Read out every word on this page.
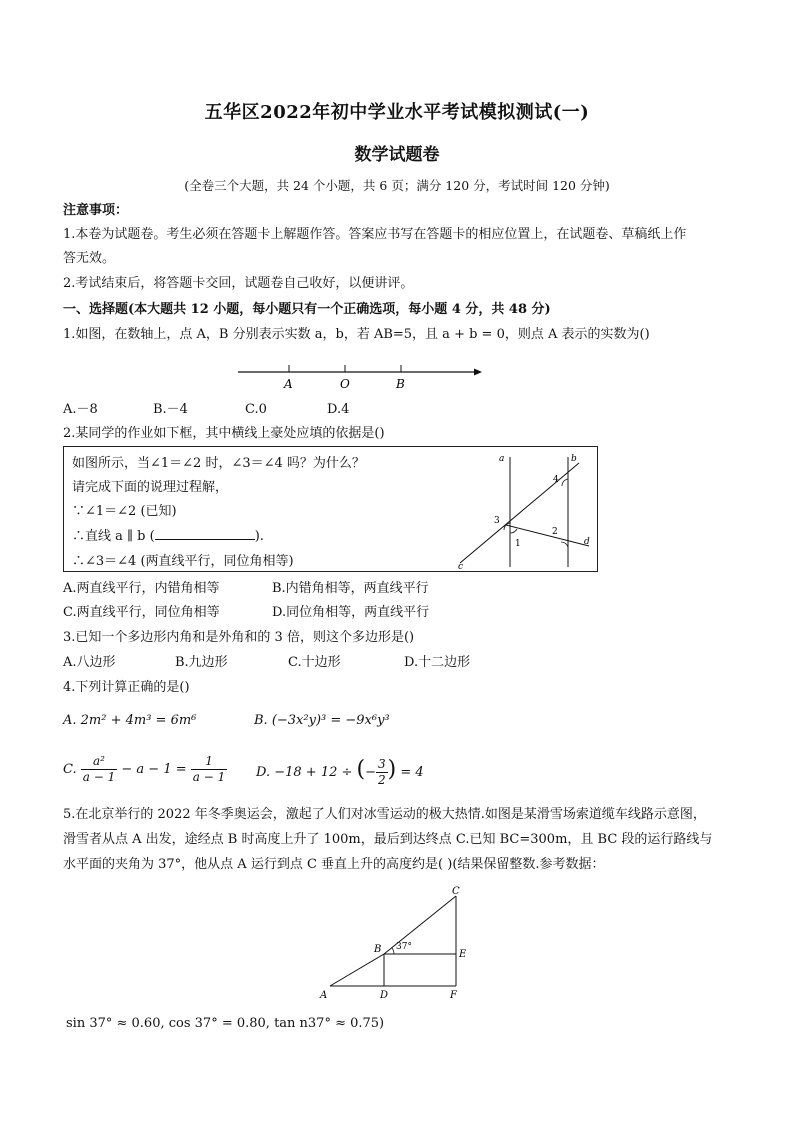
五华区2022年初中学业水平考试模拟测试(一)
数学试题卷
(全卷三个大题，共 24 个小题，共 6 页；满分 120 分，考试时间 120 分钟)
注意事项：
1.本卷为试题卷。考生必须在答题卡上解题作答。答案应书写在答题卡的相应位置上，在试题卷、草稿纸上作
答无效。
2.考试结束后，将答题卡交回，试题卷自己收好，以便讲评。
一、选择题(本大题共 12 小题，每小题只有一个正确选项，每小题 4 分，共 48 分)
1.如图，在数轴上，点 A，B 分别表示实数 a，b，若 AB=5，且 a + b = 0，则点 A 表示的实数为()
A	O	B
A.－8	B.－4	C.0	D.4
2.某同学的作业如下框，其中横线上豪处应填的依据是()
如图所示，当∠1＝∠2 时，∠3＝∠4 吗？为什么？
请完成下面的说理过程解，
∵∠1＝∠2 (已知)
∴直线 a ∥ b (	).
∴∠3＝∠4 (两直线平行，同位角相等)
a	b
c
d
1
2
3
4
A.两直线平行，内错角相等	B.内错角相等，两直线平行
C.两直线平行，同位角相等	D.同位角相等，两直线平行
3.已知一个多边形内角和是外角和的 3 倍，则这个多边形是()
A.八边形	B.九边形	C.十边形	D.十二边形
4.下列计算正确的是()
A. 2m² + 4m³ = 6m⁶	B. (−3x²y)³ = −9x⁶y³
C. $\frac{\text{a²}}{a - 1} - a - 1 = \frac{1}{a - 1} D$. −18 + 12 ÷ (− $\frac{3}{2}$ ) = 4
5.在北京举行的 2022 年冬季奥运会，激起了人们对冰雪运动的极大热情.如图是某滑雪场索道缆车线路示意图，
滑雪者从点 A 出发，途经点 B 时高度上升了 100m，最后到达终点 C.已知 BC=300m，且 BC 段的运行路线与
水平面的夹角为 37°，他从点 A 运行到点 C 垂直上升的高度约是( )(结果保留整数.参考数据：
A
B
C
D
E
F
37°
sin 37° ≈ 0.60, cos 37° = 0.80, tan n37° ≈ 0.75)
